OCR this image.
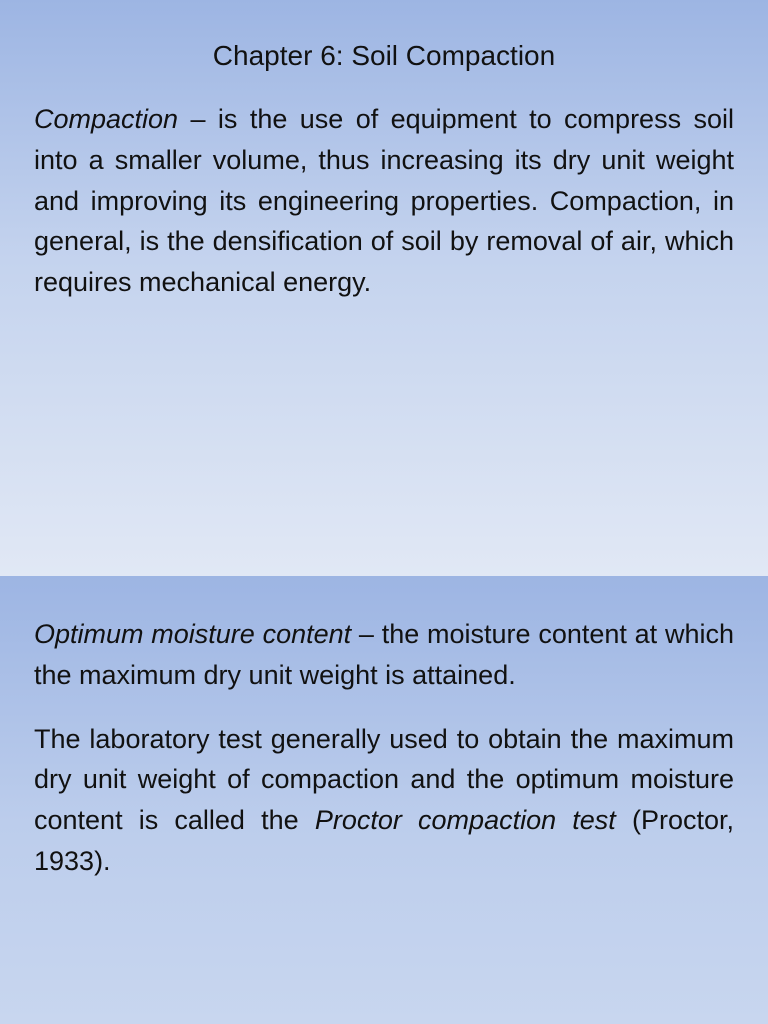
Chapter 6: Soil Compaction

Compaction – is the use of equipment to compress soil into a smaller volume, thus increasing its dry unit weight and improving its engineering properties. Compaction, in general, is the densification of soil by removal of air, which requires mechanical energy.

Optimum moisture content – the moisture content at which the maximum dry unit weight is attained.

The laboratory test generally used to obtain the maximum dry unit weight of compaction and the optimum moisture content is called the Proctor compaction test (Proctor, 1933).
